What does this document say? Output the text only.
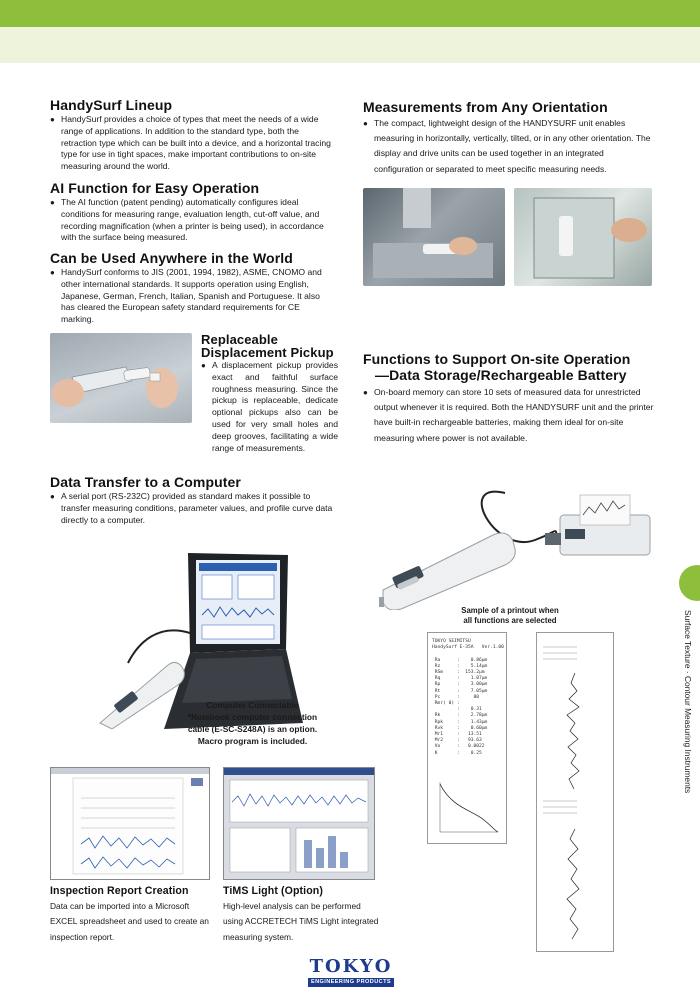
HandySurf Lineup

● HandySurf provides a choice of types that meet the needs of a wide range of applications. In addition to the standard type, both the retraction type which can be built into a device, and a horizontal tracing type for use in tight spaces, make important contributions to on-site measuring around the world.

AI Function for Easy Operation

● The AI function (patent pending) automatically configures ideal conditions for measuring range, evaluation length, cut-off value, and recording magnification (when a printer is being used), in accordance with the surface being measured.

Can be Used Anywhere in the World

● HandySurf conforms to JIS (2001, 1994, 1982), ASME, CNOMO and other international standards. It supports operation using English, Japanese, German, French, Italian, Spanish and Portuguese. It also has cleared the European safety standard requirements for CE marking.

Replaceable
Displacement Pickup

● A displacement pickup provides exact and faithful surface roughness measuring. Since the pickup is replaceable, dedicate optional pickups also can be used for very small holes and deep grooves, facilitating a wide range of measurements.

Data Transfer to a Computer

● A serial port (RS-232C) provided as standard makes it possible to transfer measuring conditions, parameter values, and profile curve data directly to a computer.

Measurements from Any Orientation

● The compact, lightweight design of the HANDYSURF unit enables measuring in horizontally, vertically, tilted, or in any other orientation. The display and drive units can be used together in an integrated configuration or separated to meet specific measuring needs.

Functions to Support On-site Operation
—Data Storage/Rechargeable Battery

● On-board memory can store 10 sets of measured data for unrestricted output whenever it is required. Both the HANDYSURF unit and the printer have built-in rechargeable batteries, making them ideal for on-site measuring where power is not available.

Computer Connectable
*Notebook computer connection
cable (E-SC-S248A) is an option.
Macro program is included.
Sample of a printout when
all functions are selected
TOKYO SEIMITSU
HandySurf E-35A   Ver.1.00

Ra      :    0.86μm
Rz      :    5.14μm
RSm     :  153.2μm
Rq      :    1.07μm
Rp      :    3.00μm
Rt      :    7.05μm
Pc      :     80
Rmr( 0) :
:    0.31
Rk      :    2.78μm
Rpk     :    1.43μm
Rvk     :    0.60μm
Mr1     :   13.51
Mr2     :   93.63
Vo      :   0.0022
K       :    0.25
Inspection Report Creation

Data can be imported into a Microsoft EXCEL spreadsheet and used to create an inspection report.

TiMS Light (Option)

High-level analysis can be performed using ACCRETECH TiMS Light integrated measuring system.

Surface Texture · Contour Measuring Instruments
TOKYO
ENGINEERING PRODUCTS
